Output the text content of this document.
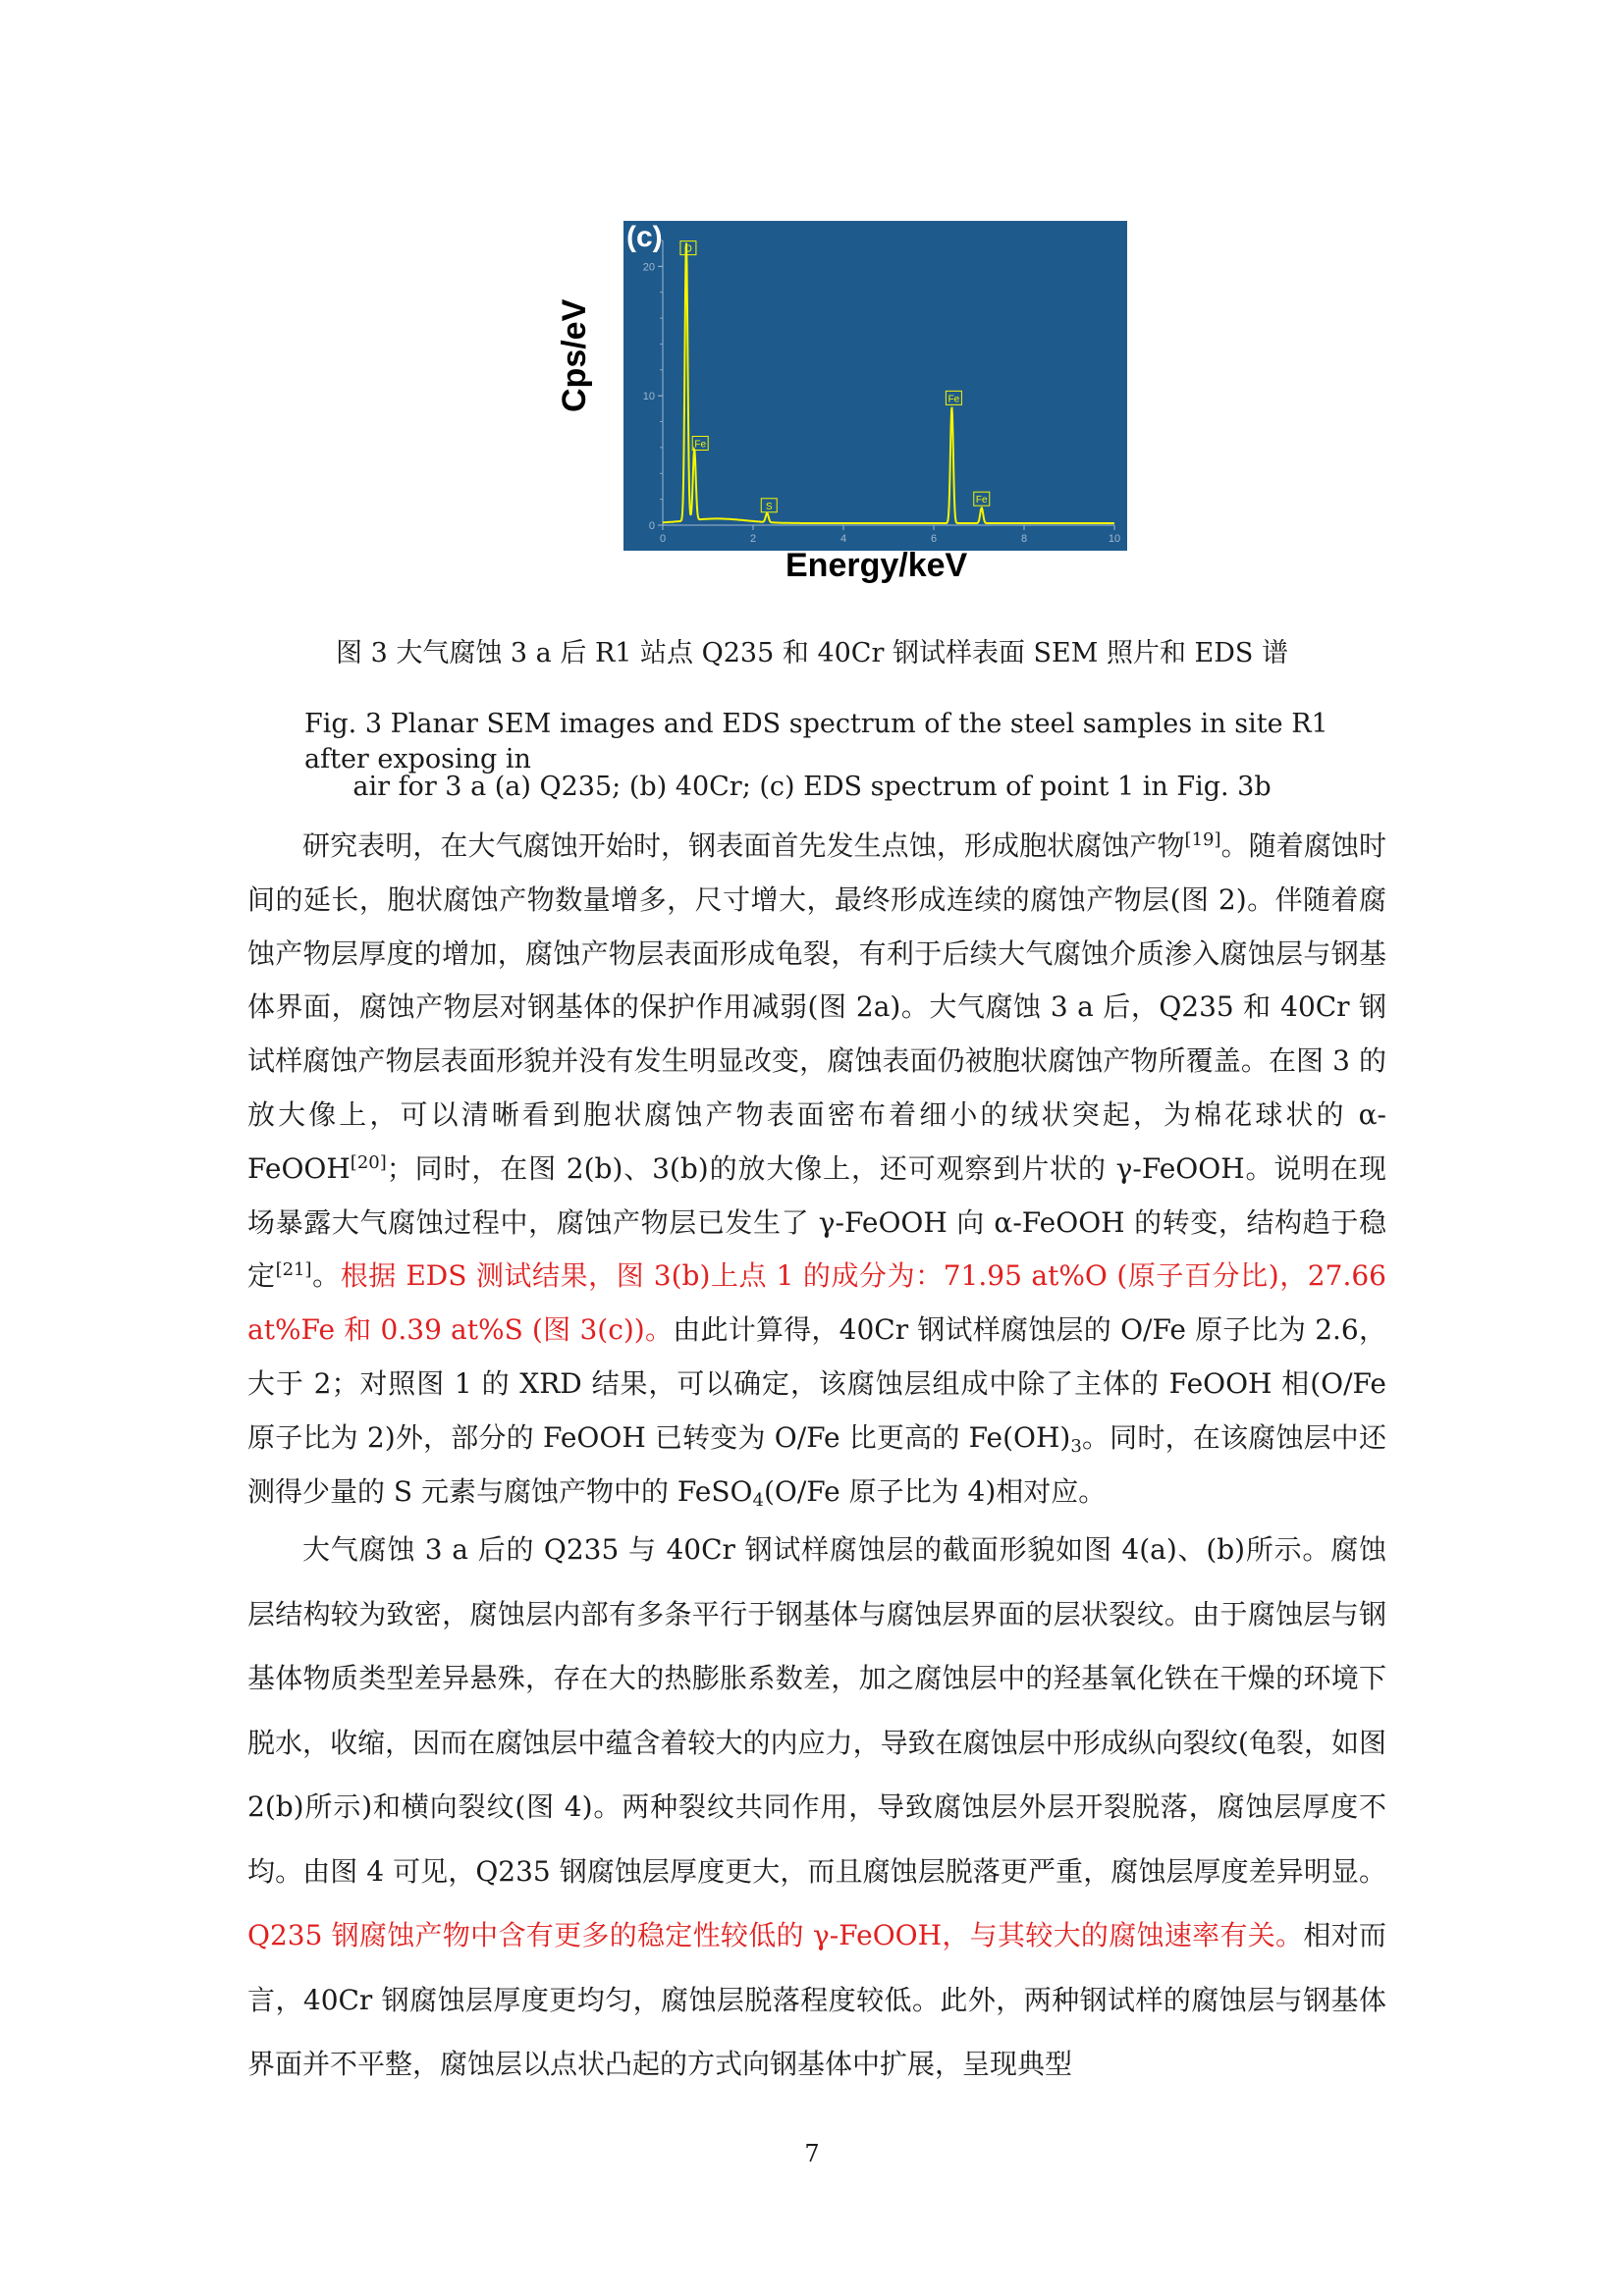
Cps/eV
0	2	4	6	8	10
0
10
20
O
Fe
S
Fe
Fe
(c)
Energy/keV
图 3 大气腐蚀 3 a 后 R1 站点 Q235 和 40Cr 钢试样表面 SEM 照片和 EDS 谱
Fig. 3 Planar SEM images and EDS spectrum of the steel samples in site R1 after exposing in
air for 3 a (a) Q235; (b) 40Cr; (c) EDS spectrum of point 1 in Fig. 3b

研究表明，在大气腐蚀开始时，钢表面首先发生点蚀，形成胞状腐蚀产物[19]。随着腐蚀时间的延长，胞状腐蚀产物数量增多，尺寸增大，最终形成连续的腐蚀产物层(图 2)。伴随着腐蚀产物层厚度的增加，腐蚀产物层表面形成龟裂，有利于后续大气腐蚀介质渗入腐蚀层与钢基体界面，腐蚀产物层对钢基体的保护作用减弱(图 2a)。大气腐蚀 3 a 后，Q235 和 40Cr 钢试样腐蚀产物层表面形貌并没有发生明显改变，腐蚀表面仍被胞状腐蚀产物所覆盖。在图 3 的放大像上，可以清晰看到胞状腐蚀产物表面密布着细小的绒状突起，为棉花球状的 α-FeOOH[20]；同时，在图 2(b)、3(b)的放大像上，还可观察到片状的 γ-FeOOH。说明在现场暴露大气腐蚀过程中，腐蚀产物层已发生了 γ-FeOOH 向 α-FeOOH 的转变，结构趋于稳定[21]。根据 EDS 测试结果，图 3(b)上点 1 的成分为：71.95 at%O (原子百分比)，27.66 at%Fe 和 0.39 at%S (图 3(c))。由此计算得，40Cr 钢试样腐蚀层的 O/Fe 原子比为 2.6，大于 2；对照图 1 的 XRD 结果，可以确定，该腐蚀层组成中除了主体的 FeOOH 相(O/Fe 原子比为 2)外，部分的 FeOOH 已转变为 O/Fe 比更高的 $Fe(OH)_3$。同时，在该腐蚀层中还测得少量的 S 元素与腐蚀产物中的 FeSO$_4$(O/Fe 原子比为 4)相对应。

大气腐蚀 3 a 后的 Q235 与 40Cr 钢试样腐蚀层的截面形貌如图 4(a)、(b)所示。腐蚀层结构较为致密，腐蚀层内部有多条平行于钢基体与腐蚀层界面的层状裂纹。由于腐蚀层与钢基体物质类型差异悬殊，存在大的热膨胀系数差，加之腐蚀层中的羟基氧化铁在干燥的环境下脱水，收缩，因而在腐蚀层中蕴含着较大的内应力，导致在腐蚀层中形成纵向裂纹(龟裂，如图 2(b)所示)和横向裂纹(图 4)。两种裂纹共同作用，导致腐蚀层外层开裂脱落，腐蚀层厚度不均。由图 4 可见，Q235 钢腐蚀层厚度更大，而且腐蚀层脱落更严重，腐蚀层厚度差异明显。Q235 钢腐蚀产物中含有更多的稳定性较低的 γ-FeOOH，与其较大的腐蚀速率有关。相对而言，40Cr 钢腐蚀层厚度更均匀，腐蚀层脱落程度较低。此外，两种钢试样的腐蚀层与钢基体界面并不平整，腐蚀层以点状凸起的方式向钢基体中扩展，呈现典型

7
